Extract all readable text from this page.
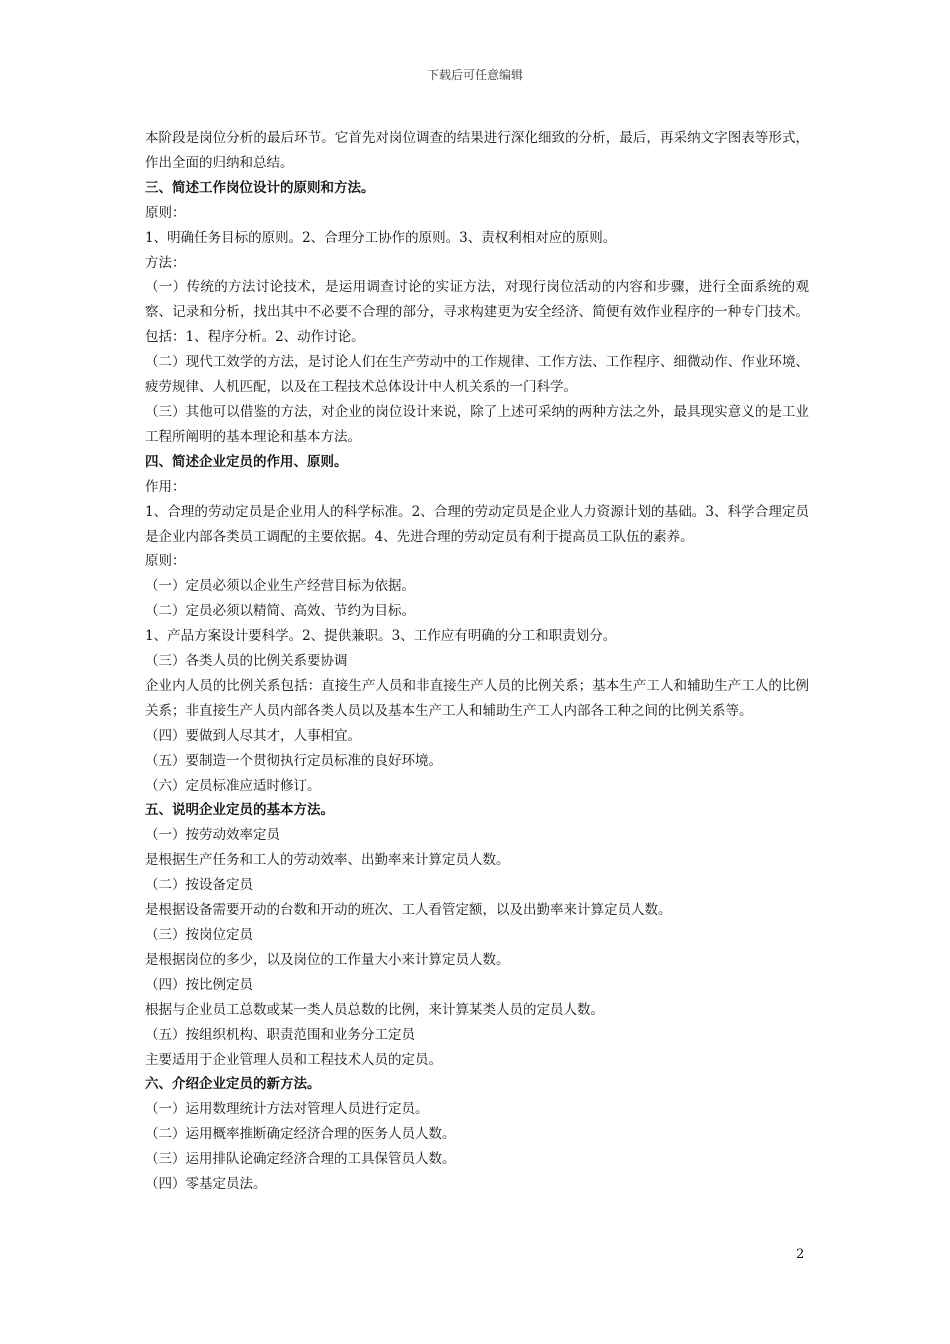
下载后可任意编辑

本阶段是岗位分析的最后环节。它首先对岗位调查的结果进行深化细致的分析，最后，再采纳文字图表等形式，作出全面的归纳和总结。

三、简述工作岗位设计的原则和方法。

原则：

1、明确任务目标的原则。2、合理分工协作的原则。3、责权利相对应的原则。

方法：

（一）传统的方法讨论技术，是运用调查讨论的实证方法，对现行岗位活动的内容和步骤，进行全面系统的观察、记录和分析，找出其中不必要不合理的部分，寻求构建更为安全经济、简便有效作业程序的一种专门技术。包括：1、程序分析。2、动作讨论。

（二）现代工效学的方法，是讨论人们在生产劳动中的工作规律、工作方法、工作程序、细微动作、作业环境、疲劳规律、人机匹配，以及在工程技术总体设计中人机关系的一门科学。

（三）其他可以借鉴的方法，对企业的岗位设计来说，除了上述可采纳的两种方法之外，最具现实意义的是工业工程所阐明的基本理论和基本方法。

四、简述企业定员的作用、原则。

作用：

1、合理的劳动定员是企业用人的科学标准。2、合理的劳动定员是企业人力资源计划的基础。3、科学合理定员是企业内部各类员工调配的主要依据。4、先进合理的劳动定员有利于提高员工队伍的素养。

原则：

（一）定员必须以企业生产经营目标为依据。

（二）定员必须以精简、高效、节约为目标。

1、产品方案设计要科学。2、提供兼职。3、工作应有明确的分工和职责划分。

（三）各类人员的比例关系要协调

企业内人员的比例关系包括：直接生产人员和非直接生产人员的比例关系；基本生产工人和辅助生产工人的比例关系；非直接生产人员内部各类人员以及基本生产工人和辅助生产工人内部各工种之间的比例关系等。

（四）要做到人尽其才，人事相宜。

（五）要制造一个贯彻执行定员标准的良好环境。

（六）定员标准应适时修订。

五、说明企业定员的基本方法。

（一）按劳动效率定员

是根据生产任务和工人的劳动效率、出勤率来计算定员人数。

（二）按设备定员

是根据设备需要开动的台数和开动的班次、工人看管定额，以及出勤率来计算定员人数。

（三）按岗位定员

是根据岗位的多少，以及岗位的工作量大小来计算定员人数。

（四）按比例定员

根据与企业员工总数或某一类人员总数的比例，来计算某类人员的定员人数。

（五）按组织机构、职责范围和业务分工定员

主要适用于企业管理人员和工程技术人员的定员。

六、介绍企业定员的新方法。

（一）运用数理统计方法对管理人员进行定员。

（二）运用概率推断确定经济合理的医务人员人数。

（三）运用排队论确定经济合理的工具保管员人数。

（四）零基定员法。

2
